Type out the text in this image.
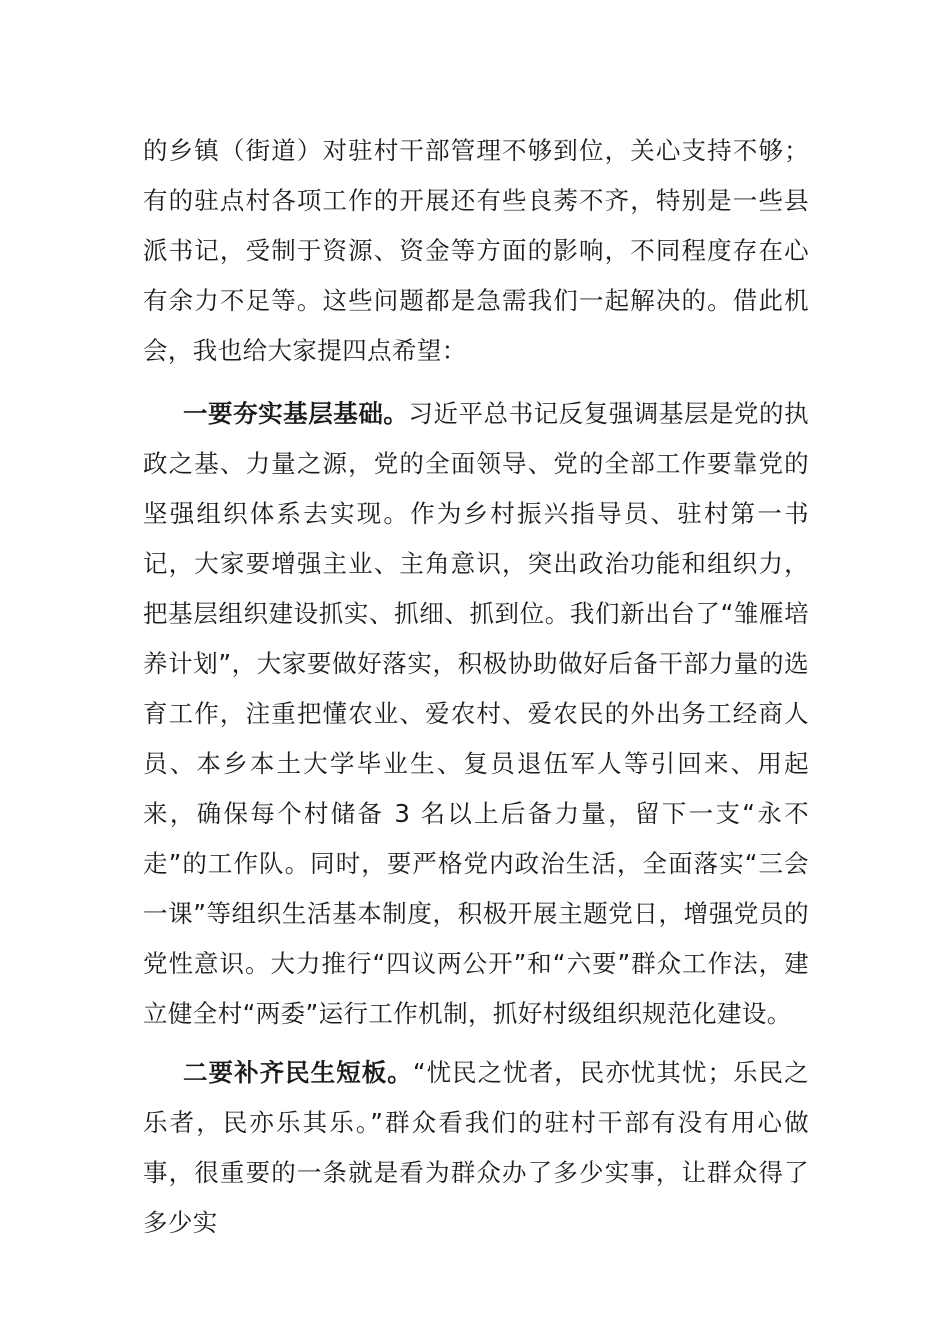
的乡镇（街道）对驻村干部管理不够到位，关心支持不够；有的驻点村各项工作的开展还有些良莠不齐，特别是一些县派书记，受制于资源、资金等方面的影响，不同程度存在心有余力不足等。这些问题都是急需我们一起解决的。借此机会，我也给大家提四点希望：

一要夯实基层基础。习近平总书记反复强调基层是党的执政之基、力量之源，党的全面领导、党的全部工作要靠党的坚强组织体系去实现。作为乡村振兴指导员、驻村第一书记，大家要增强主业、主角意识，突出政治功能和组织力，把基层组织建设抓实、抓细、抓到位。我们新出台了“雏雁培养计划”，大家要做好落实，积极协助做好后备干部力量的选育工作，注重把懂农业、爱农村、爱农民的外出务工经商人员、本乡本土大学毕业生、复员退伍军人等引回来、用起来，确保每个村储备 3 名以上后备力量，留下一支“永不走”的工作队。同时，要严格党内政治生活，全面落实“三会一课”等组织生活基本制度，积极开展主题党日，增强党员的党性意识。大力推行“四议两公开”和“六要”群众工作法，建立健全村“两委”运行工作机制，抓好村级组织规范化建设。

二要补齐民生短板。“忧民之忧者，民亦忧其忧；乐民之乐者，民亦乐其乐。”群众看我们的驻村干部有没有用心做事，很重要的一条就是看为群众办了多少实事，让群众得了多少实
